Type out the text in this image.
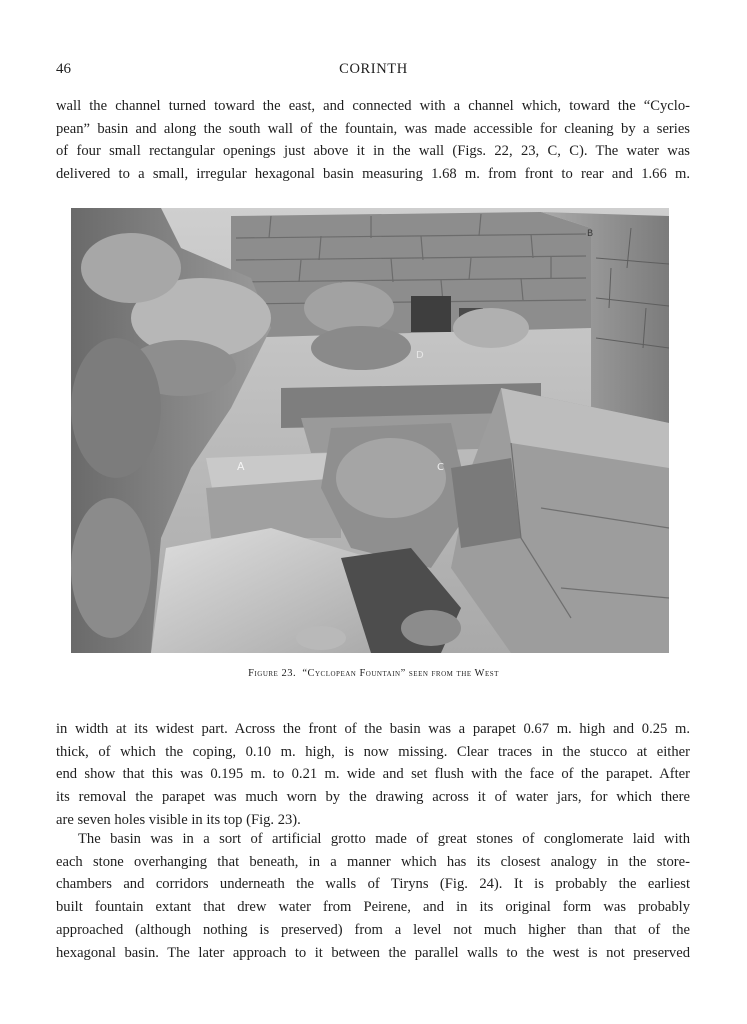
46	CORINTH

wall the channel turned toward the east, and connected with a channel which, toward the “Cyclo-
pean” basin and along the south wall of the fountain, was made accessible for cleaning by a series
of four small rectangular openings just above it in the wall (Figs. 22, 23, C, C). The water was
delivered to a small, irregular hexagonal basin measuring 1.68 m. from front to rear and 1.66 m.

A
B
C
D
Figure 23. “Cyclopean Fountain” seen from the West

in width at its widest part. Across the front of the basin was a parapet 0.67 m. high and 0.25 m.
thick, of which the coping, 0.10 m. high, is now missing. Clear traces in the stucco at either
end show that this was 0.195 m. to 0.21 m. wide and set flush with the face of the parapet. After
its removal the parapet was much worn by the drawing across it of water jars, for which there
are seven holes visible in its top (Fig. 23).

The basin was in a sort of artificial grotto made of great stones of conglomerate laid with
each stone overhanging that beneath, in a manner which has its closest analogy in the store-
chambers and corridors underneath the walls of Tiryns (Fig. 24). It is probably the earliest
built fountain extant that drew water from Peirene, and in its original form was probably
approached (although nothing is preserved) from a level not much higher than that of the
hexagonal basin. The later approach to it between the parallel walls to the west is not preserved
